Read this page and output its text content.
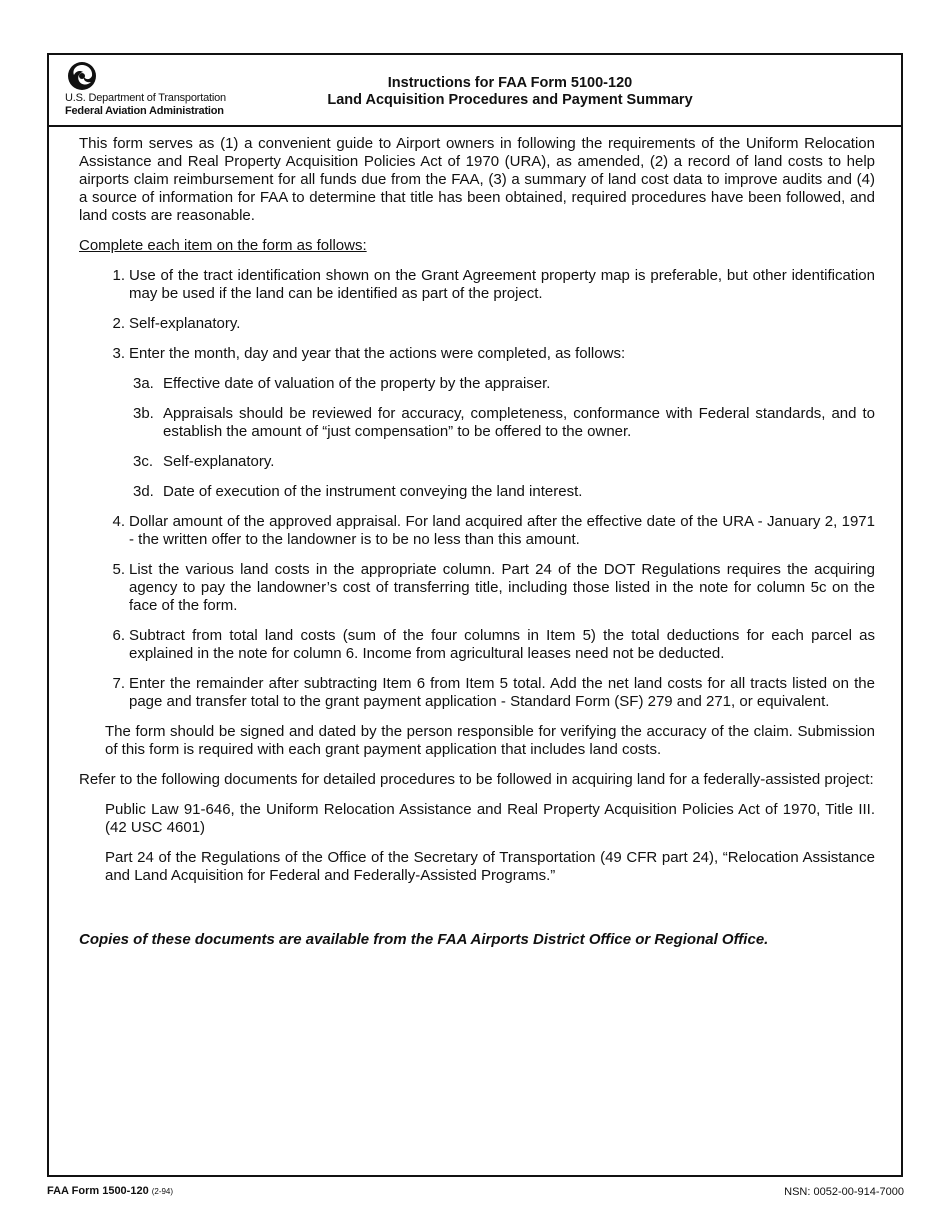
U.S. Department of Transportation
Federal Aviation Administration
Instructions for FAA Form 5100-120
Land Acquisition Procedures and Payment Summary

This form serves as (1) a convenient guide to Airport owners in following the requirements of the Uniform Relocation Assistance and Real Property Acquisition Policies Act of 1970 (URA), as amended, (2) a record of land costs to help airports claim reimbursement for all funds due from the FAA, (3) a summary of land cost data to improve audits and (4) a source of information for FAA to determine that title has been obtained, required procedures have been followed, and land costs are reasonable.

Complete each item on the form as follows:

1. Use of the tract identification shown on the Grant Agreement property map is preferable, but other identification may be used if the land can be identified as part of the project.
2. Self-explanatory.
3. Enter the month, day and year that the actions were completed, as follows:
3a. Effective date of valuation of the property by the appraiser.
3b. Appraisals should be reviewed for accuracy, completeness, conformance with Federal standards, and to establish the amount of “just compensation” to be offered to the owner.
3c. Self-explanatory.
3d. Date of execution of the instrument conveying the land interest.
4. Dollar amount of the approved appraisal. For land acquired after the effective date of the URA - January 2, 1971 - the written offer to the landowner is to be no less than this amount.
5. List the various land costs in the appropriate column. Part 24 of the DOT Regulations requires the acquiring agency to pay the landowner’s cost of transferring title, including those listed in the note for column 5c on the face of the form.
6. Subtract from total land costs (sum of the four columns in Item 5) the total deductions for each parcel as explained in the note for column 6. Income from agricultural leases need not be deducted.
7. Enter the remainder after subtracting Item 6 from Item 5 total. Add the net land costs for all tracts listed on the page and transfer total to the grant payment application - Standard Form (SF) 279 and 271, or equivalent.

The form should be signed and dated by the person responsible for verifying the accuracy of the claim. Submission of this form is required with each grant payment application that includes land costs.

Refer to the following documents for detailed procedures to be followed in acquiring land for a federally-assisted project:

Public Law 91-646, the Uniform Relocation Assistance and Real Property Acquisition Policies Act of 1970, Title III. (42 USC 4601)

Part 24 of the Regulations of the Office of the Secretary of Transportation (49 CFR part 24), “Relocation Assistance and Land Acquisition for Federal and Federally-Assisted Programs.”

Copies of these documents are available from the FAA Airports District Office or Regional Office.

FAA Form 1500-120 (2-94)	NSN: 0052-00-914-7000
